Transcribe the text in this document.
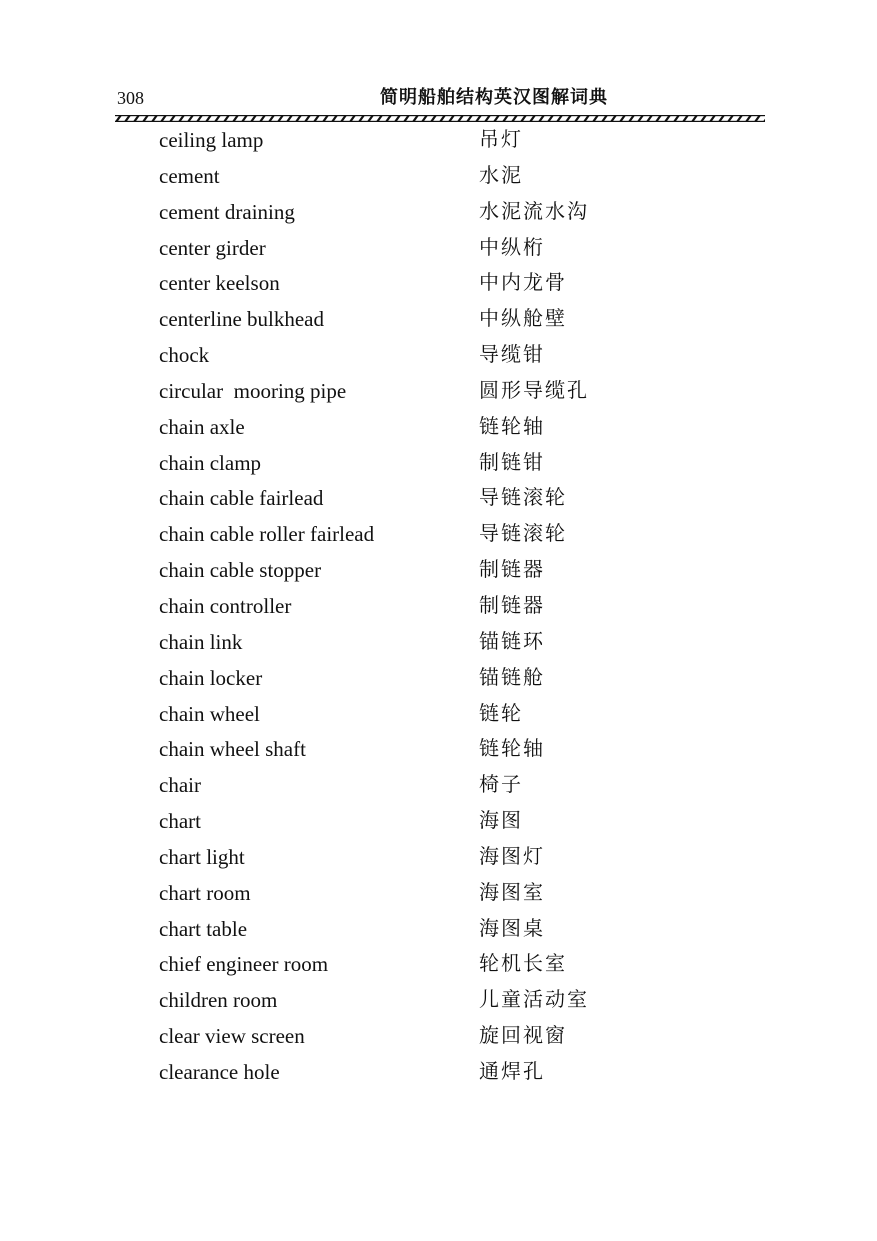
308	简明船舶结构英汉图解词典
ceiling lamp	吊灯
cement	水泥
cement draining	水泥流水沟
center girder	中纵桁
center keelson	中内龙骨
centerline bulkhead	中纵舱壁
chock	导缆钳
circular  mooring pipe	圆形导缆孔
chain axle	链轮轴
chain clamp	制链钳
chain cable fairlead	导链滚轮
chain cable roller fairlead	导链滚轮
chain cable stopper	制链器
chain controller	制链器
chain link	锚链环
chain locker	锚链舱
chain wheel	链轮
chain wheel shaft	链轮轴
chair	椅子
chart	海图
chart light	海图灯
chart room	海图室
chart table	海图桌
chief engineer room	轮机长室
children room	儿童活动室
clear view screen	旋回视窗
clearance hole	通焊孔
